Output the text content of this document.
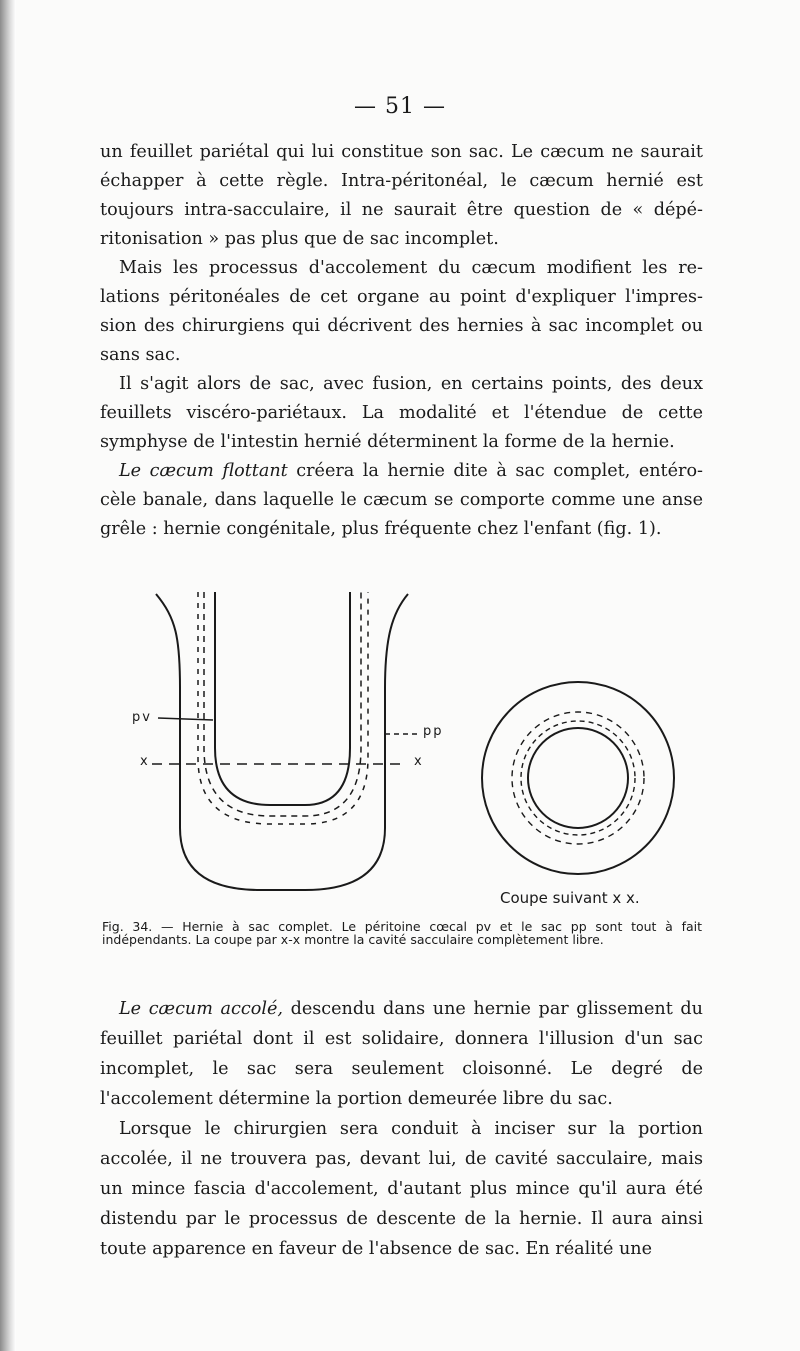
— 51 —

un feuillet pariétal qui lui constitue son sac. Le cæcum ne saurait échapper à cette règle. Intra-péritonéal, le cæcum hernié est toujours intra-sacculaire, il ne saurait être question de « dépé- ritonisation » pas plus que de sac incomplet.

Mais les processus d'accolement du cæcum modifient les re- lations péritonéales de cet organe au point d'expliquer l'impres- sion des chirurgiens qui décrivent des hernies à sac incomplet ou sans sac.

Il s'agit alors de sac, avec fusion, en certains points, des deux feuillets viscéro-pariétaux. La modalité et l'étendue de cette symphyse de l'intestin hernié déterminent la forme de la hernie.

Le cæcum flottant créera la hernie dite à sac complet, entéro- cèle banale, dans laquelle le cæcum se comporte comme une anse grêle : hernie congénitale, plus fréquente chez l'enfant (fig. 1).

pv
pp
x	x
Coupe suivant x x.
Fig. 34. — Hernie à sac complet. Le péritoine cœcal pv et le sac pp sont tout à fait indépendants. La coupe par x-x montre la cavité sacculaire complètement libre.

Le cæcum accolé, descendu dans une hernie par glissement du feuillet pariétal dont il est solidaire, donnera l'illusion d'un sac incomplet, le sac sera seulement cloisonné. Le degré de l'accolement détermine la portion demeurée libre du sac.

Lorsque le chirurgien sera conduit à inciser sur la portion accolée, il ne trouvera pas, devant lui, de cavité sacculaire, mais un mince fascia d'accolement, d'autant plus mince qu'il aura été distendu par le processus de descente de la hernie. Il aura ainsi toute apparence en faveur de l'absence de sac. En réalité une
